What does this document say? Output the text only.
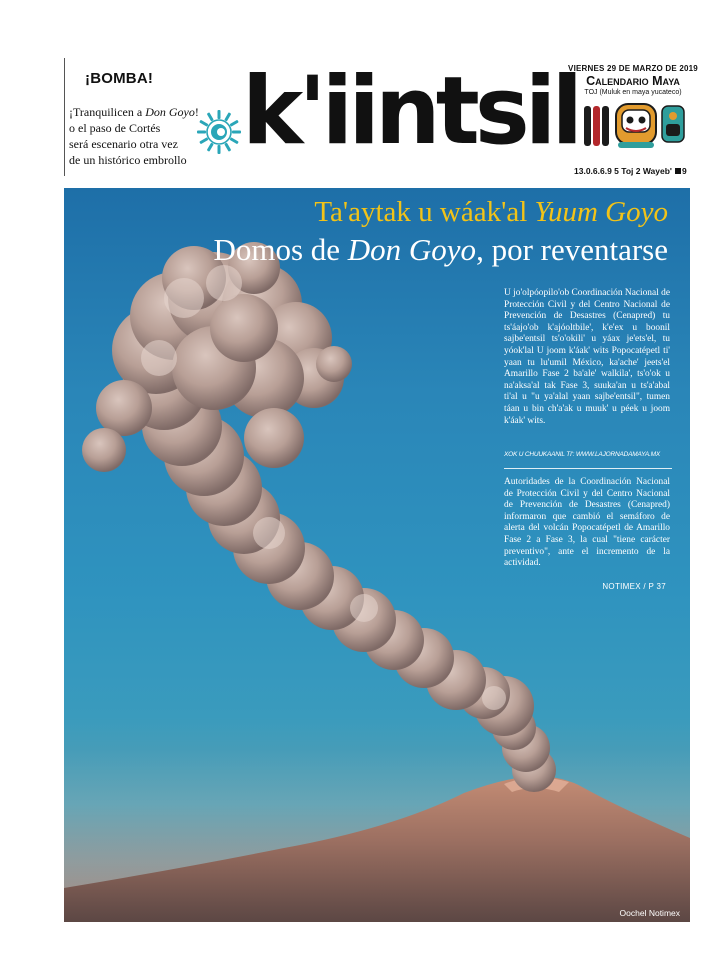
¡BOMBA!
¡Tranquilicen a Don Goyo!
o el paso de Cortés
será escenario otra vez
de un histórico embrollo k'iintsil
VIERNES 29 DE MARZO DE 2019
Calendario Maya
TOJ (Muluk en maya yucateco)
13.0.6.6.9 5 Toj 2 Wayeb' 9
Ta'aytak u wáak'al Yuum Goyo
Domos de Don Goyo, por reventarse
U jo'olpóopilo'ob Coordinación Nacional de Protección Civil y del Centro Nacional de Prevención de Desastres (Cenapred) tu ts'áajo'ob k'ajóoltbile', k'e'ex u boonil sajbe'entsil ts'o'okili' u yáax je'ets'el, tu yóok'lal U joom k'áak' wits Popocatépetl ti' yaan tu lu'umil México, ka'ache' jeets'el Amarillo Fase 2 ba'ale' walkila', ts'o'ok u na'aksa'al tak Fase 3, suuka'an u ts'a'abal ti'al u "u ya'alal yaan sajbe'entsil", tumen táan u bin ch'a'ak u muuk' u péek u joom k'áak' wits.
XOK U CHUUKAANIL TI': WWW.LAJORNADAMAYA.MX
Autoridades de la Coordinación Nacional de Protección Civil y del Centro Nacional de Prevención de Desastres (Cenapred) informaron que cambió el semáforo de alerta del volcán Popocatépetl de Amarillo Fase 2 a Fase 3, la cual "tiene carácter preventivo", ante el incremento de la actividad.
NOTIMEX / P 37
Oochel Notimex
